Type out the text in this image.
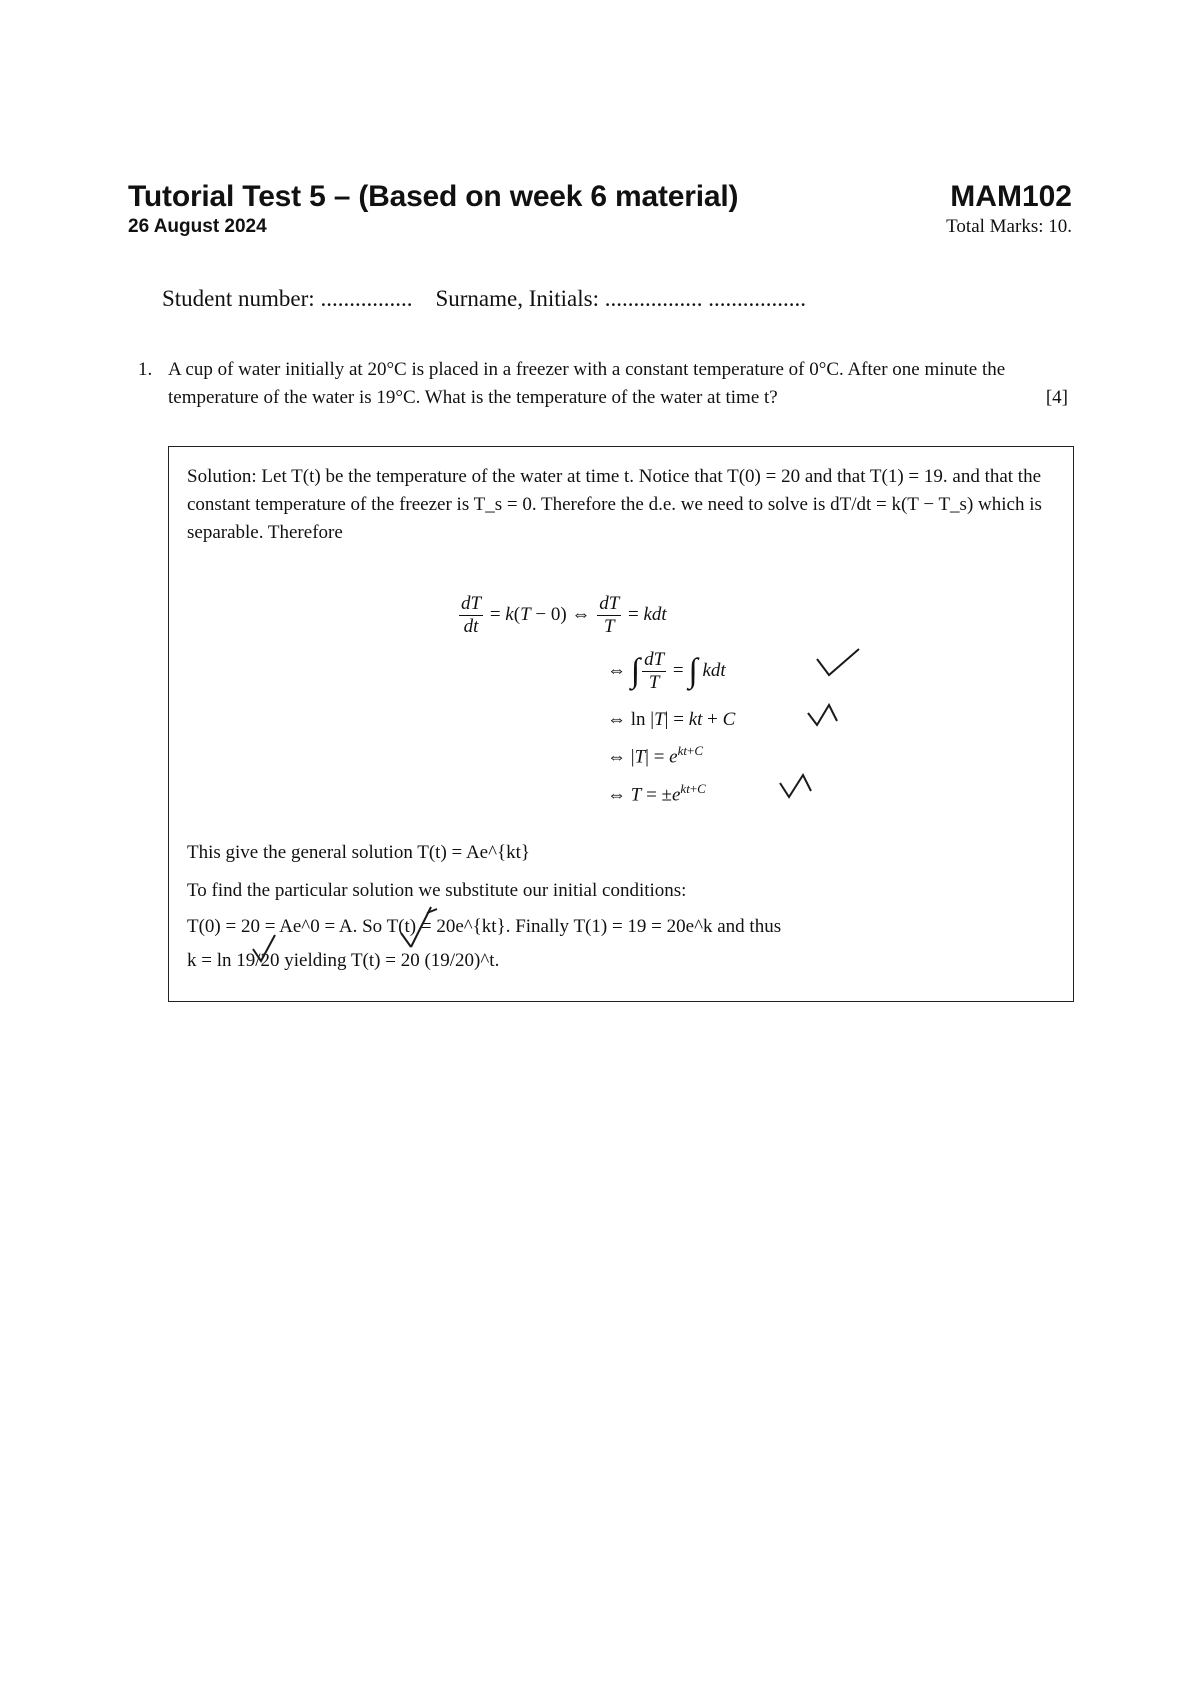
Tutorial Test 5 – (Based on week 6 material)	MAM102
26 August 2024	Total Marks: 10.
Student number: ................ Surname, Initials: ................. .................
1. A cup of water initially at 20°C is placed in a freezer with a constant temperature of 0°C. After one minute the temperature of the water is 19°C. What is the temperature of the water at time t?	[4]
Solution: Let T(t) be the temperature of the water at time t. Notice that T(0) = 20 and that T(1) = 19. and that the constant temperature of the freezer is T_s = 0. Therefore the d.e. we need to solve is dT/dt = k(T − T_s) which is separable. Therefore
$\frac{dT}{dt} = k(T - 0)$ ⇔ $\frac{dT}{T}$ = kdt
⇔ ∫ $\frac{dT}{T}$ = ∫ kdt
⇔ ln |T| = kt + C
⇔ $|T| = e^{kt+C}$
⇔ $T = \pm e^{kt+C}$
This give the general solution T(t) = Ae^{kt}
To find the particular solution we substitute our initial conditions:
T(0) = 20 = Ae^0 = A. So T(t) = 20e^{kt}. Finally T(1) = 19 = 20e^k and thus
k = ln 19/20 yielding T(t) = 20 (19/20)^t.
